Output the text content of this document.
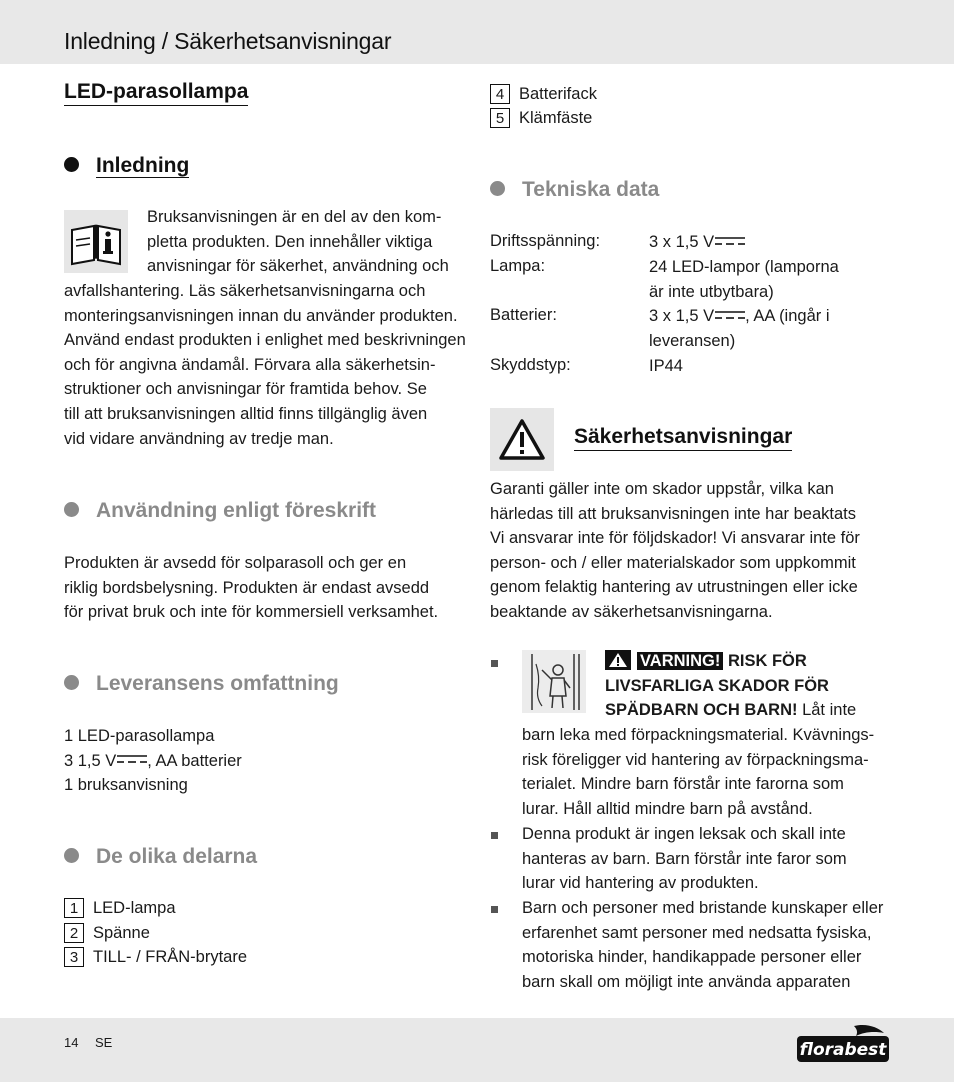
Inledning / Säkerhetsanvisningar
14 SE	florabest
LED-parasollampa
Inledning
Bruksanvisningen är en del av den kom-
pletta produkten. Den innehåller viktiga
anvisningar för säkerhet, användning och
avfallshantering. Läs säkerhetsanvisningarna och
monteringsanvisningen innan du använder produkten.
Använd endast produkten i enlighet med beskrivningen
och för angivna ändamål. Förvara alla säkerhetsin-
struktioner och anvisningar för framtida behov. Se
till att bruksanvisningen alltid finns tillgänglig även
vid vidare användning av tredje man.
Användning enligt föreskrift
Produkten är avsedd för solparasoll och ger en
riklig bordsbelysning. Produkten är endast avsedd
för privat bruk och inte för kommersiell verksamhet.
Leveransens omfattning
1 LED-parasollampa
3 1,5 V , AA batterier
1 bruksanvisning
De olika delarna
1 LED-lampa
2 Spänne
3 TILL- / FRÅN-brytare
4 Batterifack
5 Klämfäste
Tekniska data
Driftsspänning:	3 x 1,5 V
Lampa:	24 LED-lampor (lamporna
är inte utbytbara)
Batterier:	3 x 1,5 V , AA (ingår i
leveransen)
Skyddstyp:	IP44
Säkerhetsanvisningar
Garanti gäller inte om skador uppstår, vilka kan
härledas till att bruksanvisningen inte har beaktats
Vi ansvarar inte för följdskador! Vi ansvarar inte för
person- och / eller materialskador som uppkommit
genom felaktig hantering av utrustningen eller icke
beaktande av säkerhetsanvisningarna.
VARNING! RISK FÖR
LIVSFARLIGA SKADOR FÖR
SPÄDBARN OCH BARN! Låt inte
barn leka med förpackningsmaterial. Kvävnings-
risk föreligger vid hantering av förpackningsma-
terialet. Mindre barn förstår inte farorna som
lurar. Håll alltid mindre barn på avstånd.
Denna produkt är ingen leksak och skall inte
hanteras av barn. Barn förstår inte faror som
lurar vid hantering av produkten.
Barn och personer med bristande kunskaper eller
erfarenhet samt personer med nedsatta fysiska,
motoriska hinder, handikappade personer eller
barn skall om möjligt inte använda apparaten
